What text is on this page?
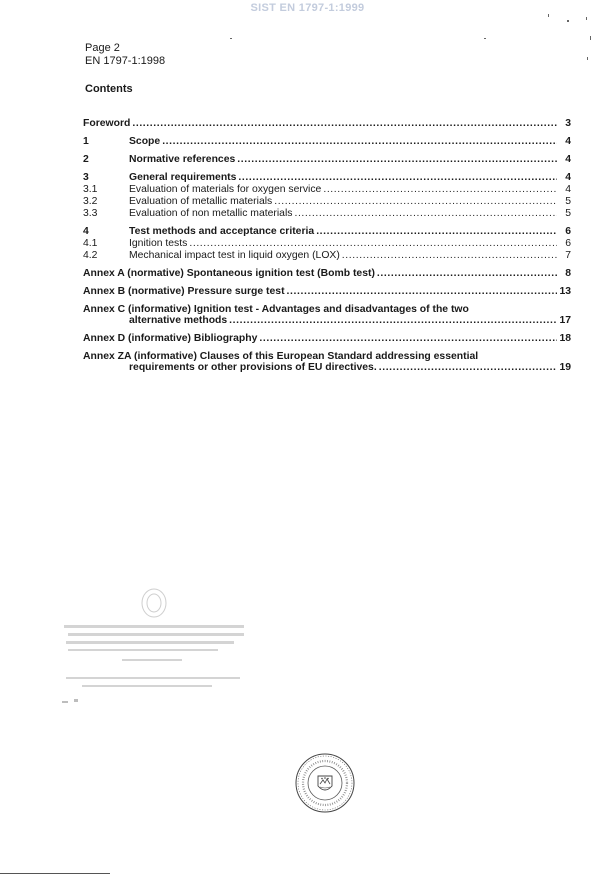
SIST EN 1797-1:1999
Page 2
EN 1797-1:1998
Contents
Foreword .....	3
1	Scope .....	4
2	Normative references .....	4
3	General requirements .....	4
3.1	Evaluation of materials for oxygen service .....	4
3.2	Evaluation of metallic materials .....	5
3.3	Evaluation of non metallic materials .....	5
4	Test methods and acceptance criteria .....	6
4.1	Ignition tests .....	6
4.2	Mechanical impact test in liquid oxygen (LOX) .....	7
Annex A (normative) Spontaneous ignition test (Bomb test) .....	8
Annex B (normative) Pressure surge test .....	13
Annex C (informative) Ignition test - Advantages and disadvantages of the two
alternative methods .....	17
Annex D (informative) Bibliography .....	18
Annex ZA (informative) Clauses of this European Standard addressing essential
requirements or other provisions of EU directives. .....	19
